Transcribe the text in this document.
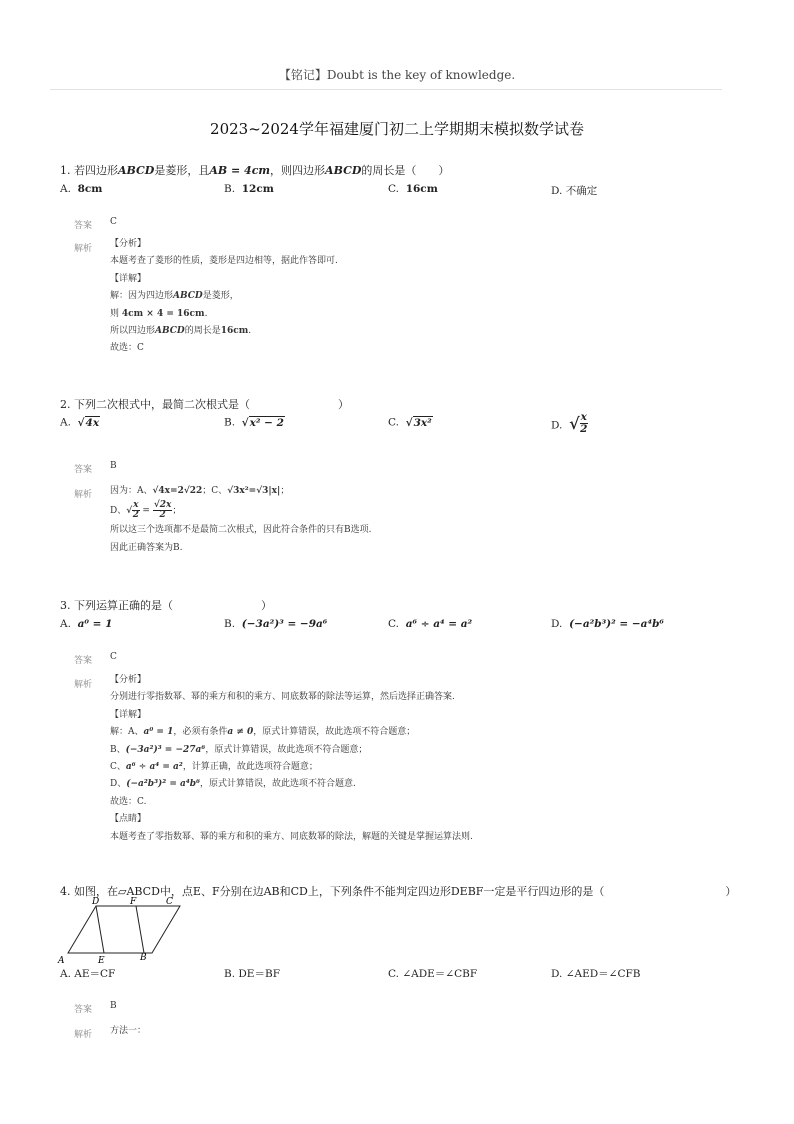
【铭记】Doubt is the key of knowledge.
2023~2024学年福建厦门初二上学期期末模拟数学试卷
1. 若四边形ABCD是菱形，且AB = 4cm，则四边形ABCD的周长是（　　）
A. 8cm	B. 12cm	C. 16cm	D. 不确定
答案 C
解析 【分析】
本题考查了菱形的性质，菱形是四边相等，据此作答即可.
【详解】
解：因为四边形ABCD是菱形，
则 4cm × 4 = 16cm.
所以四边形ABCD的周长是16cm.
故选：C
2. 下列二次根式中，最简二次根式是（　　　　　　　　）
A. √ 4x	B. √ x² − 2	C. √ 3x²	D. √ $\frac{x}{2}$
答案 B
解析 因为：A、√4x=2√22；C、√3x²=√3|x|；
D、√ $\frac{x}{2} = \frac{√2x}{2}$ ；
所以这三个选项都不是最简二次根式，因此符合条件的只有B选项.
因此正确答案为B.
3. 下列运算正确的是（　　　　　　　　）
A. a⁰ = 1	B. (−3a²)³ = −9a⁶	C. a⁶ ÷ a⁴ = a²	D. (−a²b³)² = −a⁴b⁶
答案 C
解析 【分析】
分别进行零指数幂、幂的乘方和积的乘方、同底数幂的除法等运算，然后选择正确答案.
【详解】
解：A、a⁰ = 1，必须有条件a ≠ 0，原式计算错误，故此选项不符合题意；
B、(−3a²)³ = −27a⁶，原式计算错误，故此选项不符合题意；
C、a⁶ ÷ a⁴ = a²，计算正确，故此选项符合题意；
D、(−a²b³)² = a⁴b⁶，原式计算错误，故此选项不符合题意.
故选：C.
【点睛】
本题考查了零指数幂、幂的乘方和积的乘方、同底数幂的除法，解题的关键是掌握运算法则.
4. 如图，在▱ABCD中，点E、F分别在边AB和CD上，下列条件不能判定四边形DEBF一定是平行四边形的是（　　　　　　　　　　　）
D	F	C
A	E	B
A. AE＝CF	B. DE＝BF	C. ∠ADE＝∠CBF	D. ∠AED＝∠CFB
答案 B
解析 方法一：
